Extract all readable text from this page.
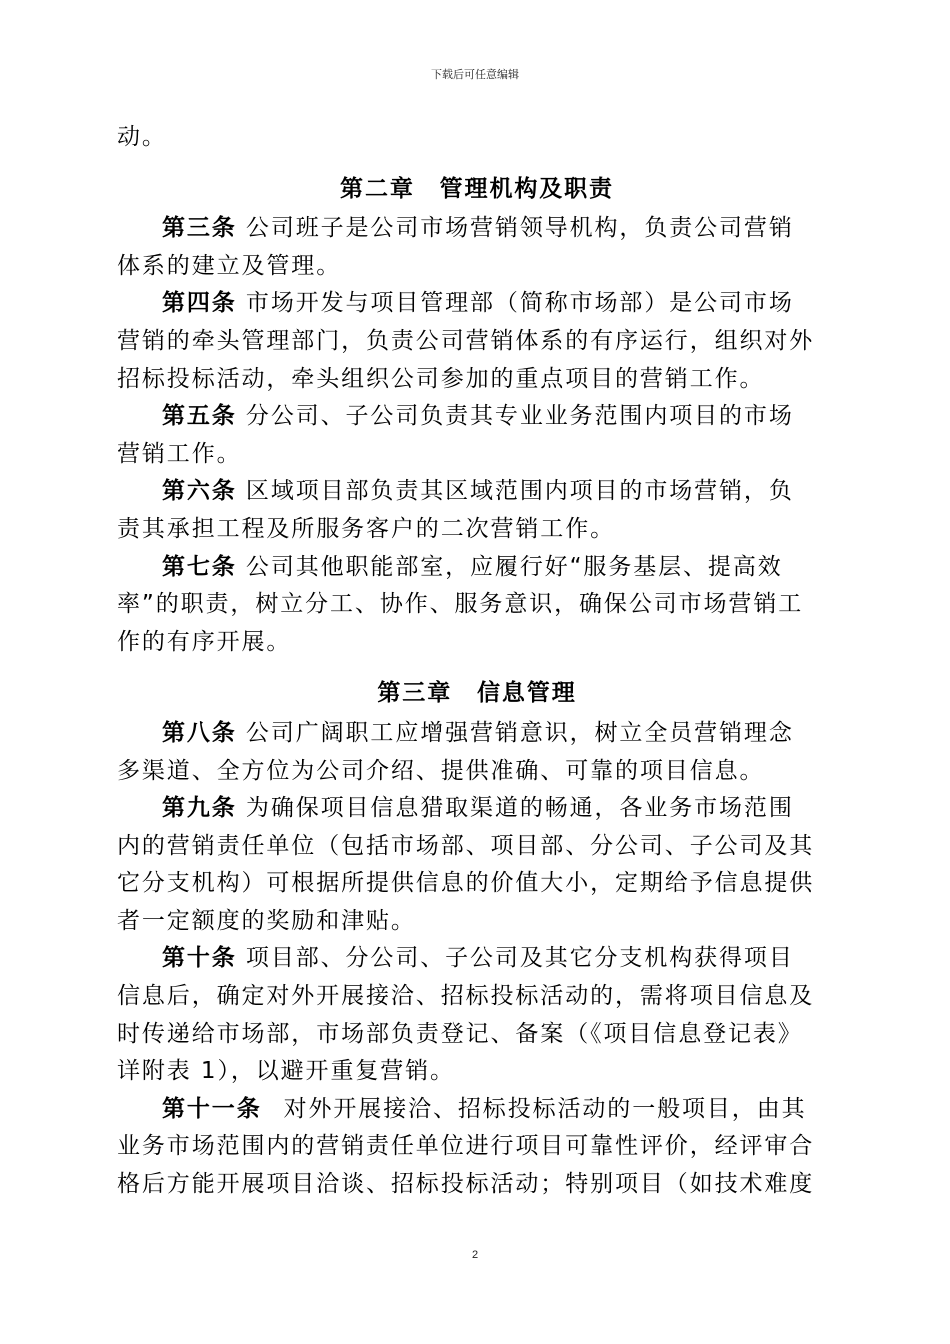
下载后可任意编辑
动。
第二章　管理机构及职责
第三条 公司班子是公司市场营销领导机构，负责公司营销
体系的建立及管理。
第四条 市场开发与项目管理部（简称市场部）是公司市场
营销的牵头管理部门，负责公司营销体系的有序运行，组织对外
招标投标活动，牵头组织公司参加的重点项目的营销工作。
第五条 分公司、子公司负责其专业业务范围内项目的市场
营销工作。
第六条 区域项目部负责其区域范围内项目的市场营销，负
责其承担工程及所服务客户的二次营销工作。
第七条 公司其他职能部室，应履行好“服务基层、提高效
率”的职责，树立分工、协作、服务意识，确保公司市场营销工
作的有序开展。
第三章　信息管理
第八条 公司广阔职工应增强营销意识，树立全员营销理念
多渠道、全方位为公司介绍、提供准确、可靠的项目信息。
第九条 为确保项目信息猎取渠道的畅通，各业务市场范围
内的营销责任单位（包括市场部、项目部、分公司、子公司及其
它分支机构）可根据所提供信息的价值大小，定期给予信息提供
者一定额度的奖励和津贴。
第十条 项目部、分公司、子公司及其它分支机构获得项目
信息后，确定对外开展接洽、招标投标活动的，需将项目信息及
时传递给市场部，市场部负责登记、备案（《项目信息登记表》
详附表 1），以避开重复营销。
第十一条 对外开展接洽、招标投标活动的一般项目，由其
业务市场范围内的营销责任单位进行项目可靠性评价，经评审合
格后方能开展项目洽谈、招标投标活动；特别项目（如技术难度
2
